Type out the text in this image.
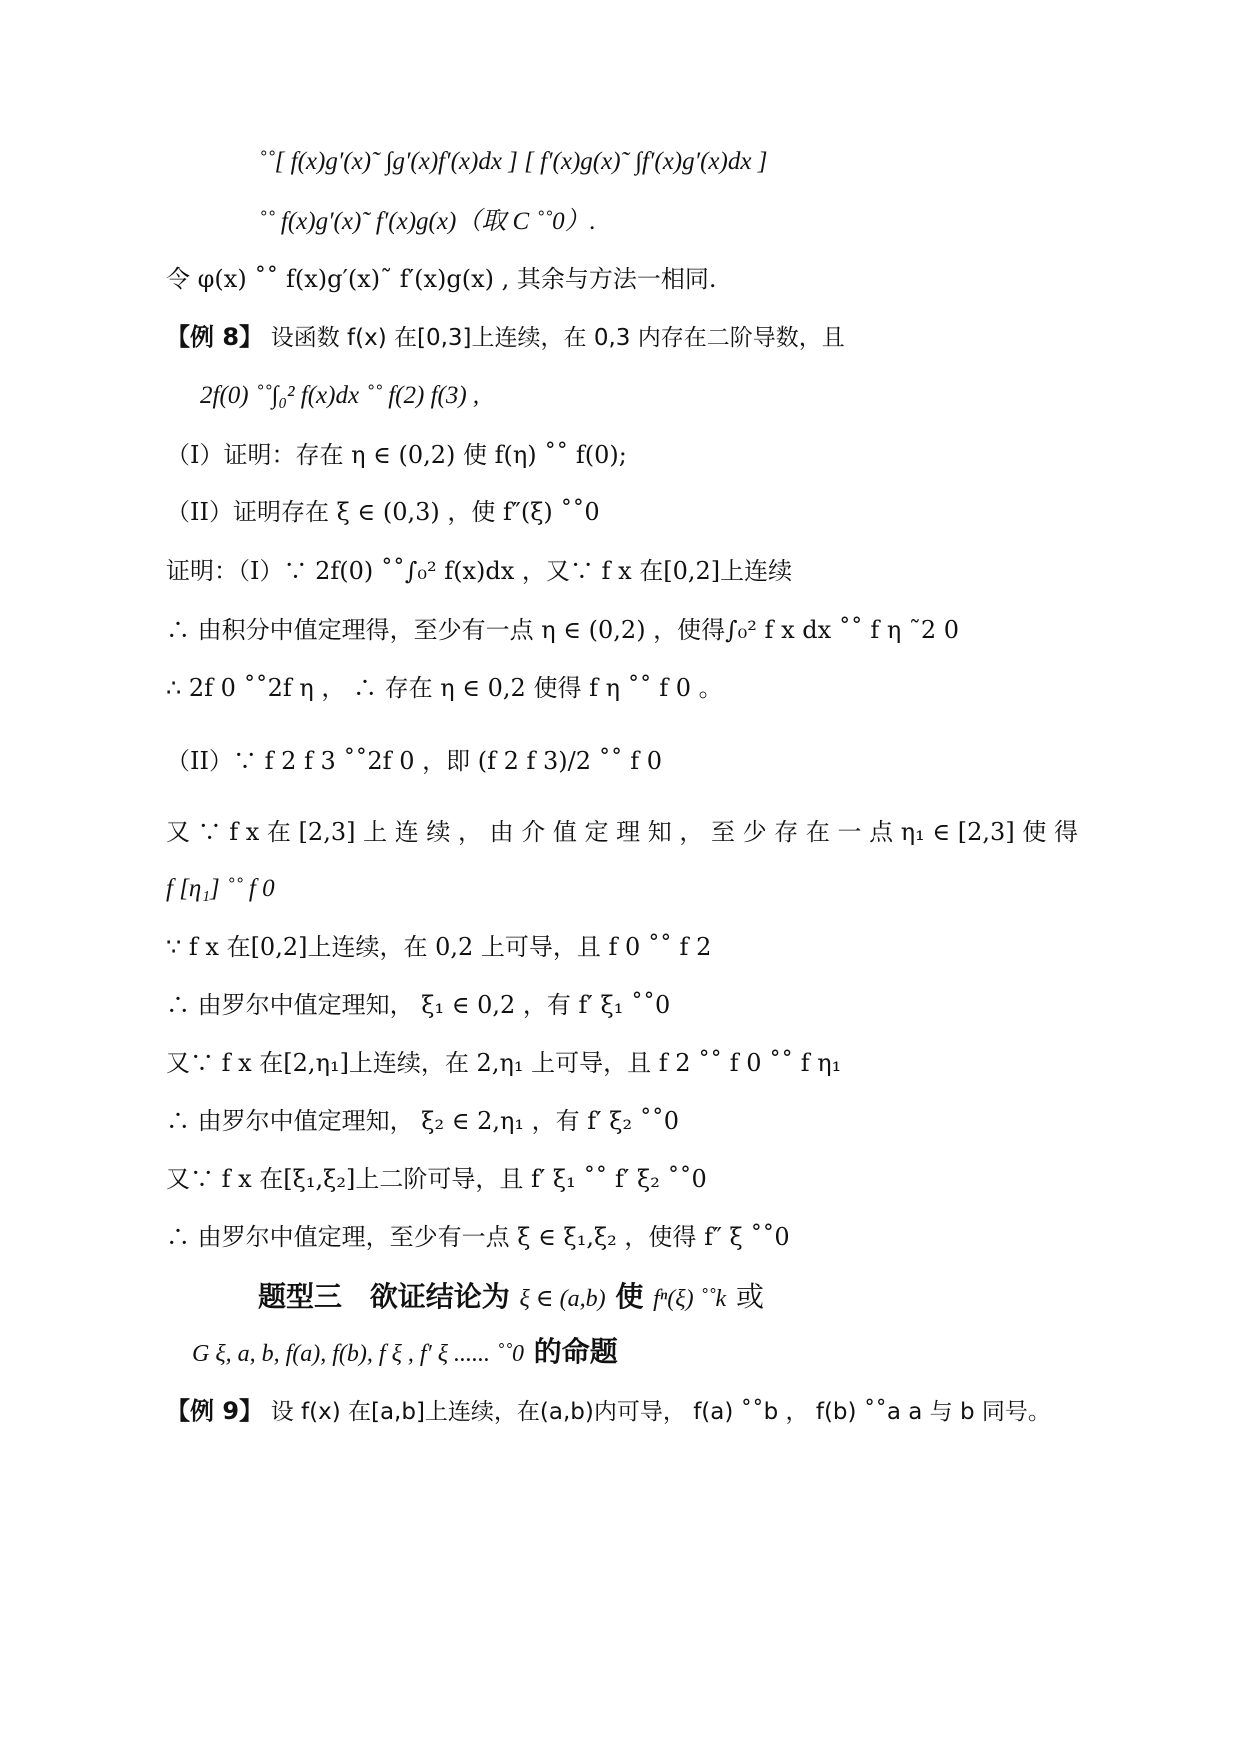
˚˚[ f(x)g′(x)˜ ∫g′(x)f′(x)dx ] [ f′(x)g(x)˜ ∫f′(x)g′(x)dx ]
˚˚ f(x)g′(x)˜ f′(x)g(x)（取 C ˚˚0）.
令 φ(x) ˚˚ f(x)g′(x)˜ f′(x)g(x) , 其余与方法一相同.
【例 8】 设函数 f(x) 在[0,3]上连续，在 0,3 内存在二阶导数，且
2f(0) ˚˚∫₀² f(x)dx ˚˚ f(2) f(3) ,
（I）证明：存在 η ∈ (0,2) 使 f(η) ˚˚ f(0);
（II）证明存在 ξ ∈ (0,3) ，使 f″(ξ) ˚˚0
证明：（I）∵ 2f(0) ˚˚∫₀² f(x)dx ，又∵ f x 在[0,2]上连续
∴ 由积分中值定理得，至少有一点 η ∈ (0,2) ，使得∫₀² f x dx ˚˚ f η ˜2 0
∴ 2f 0 ˚˚2f η ， ∴ 存在 η ∈ 0,2 使得 f η ˚˚ f 0 。
（II）∵ f 2 f 3 ˚˚2f 0 ，即 (f 2 f 3)/2 ˚˚ f 0
又 ∵ f x 在 [2,3] 上 连 续 ， 由 介 值 定 理 知 ， 至 少 存 在 一 点 η₁ ∈ [2,3] 使 得
f [η₁] ˚˚ f 0
∵ f x 在[0,2]上连续，在 0,2 上可导，且 f 0 ˚˚ f 2
∴ 由罗尔中值定理知， ξ₁ ∈ 0,2 ，有 f′ ξ₁ ˚˚0
又∵ f x 在[2,η₁]上连续，在 2,η₁ 上可导，且 f 2 ˚˚ f 0 ˚˚ f η₁
∴ 由罗尔中值定理知， ξ₂ ∈ 2,η₁ ，有 f′ ξ₂ ˚˚0
又∵ f x 在[ξ₁,ξ₂]上二阶可导，且 f′ ξ₁ ˚˚ f′ ξ₂ ˚˚0
∴ 由罗尔中值定理，至少有一点 ξ ∈ ξ₁,ξ₂ ，使得 f″ ξ ˚˚0
题型三 欲证结论为 ξ ∈ (a,b) 使 fⁿ(ξ) ˚˚k 或
G ξ, a, b, f(a), f(b), f ξ , f′ ξ ...... ˚˚0 的命题
【例 9】 设 f(x) 在[a,b]上连续，在(a,b)内可导， f(a) ˚˚b ， f(b) ˚˚a a 与 b 同号。
